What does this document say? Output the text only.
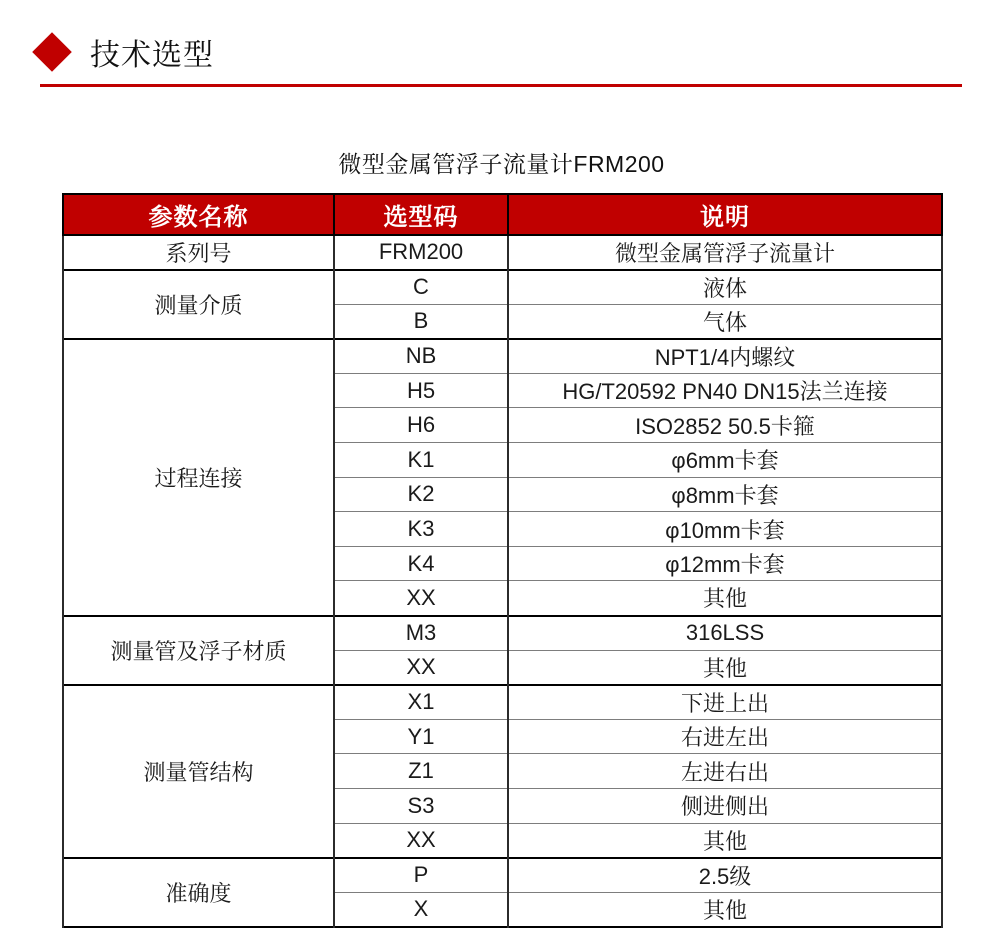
技术选型
微型金属管浮子流量计FRM200
参数名称	选型码	说明
系列号	FRM200	微型金属管浮子流量计
测量介质	C	液体
	B	气体
过程连接	NB	NPT1/4内螺纹
	H5	HG/T20592 PN40 DN15法兰连接
	H6	ISO2852 50.5卡箍
	K1	φ6mm卡套
	K2	φ8mm卡套
	K3	φ10mm卡套
	K4	φ12mm卡套
	XX	其他
测量管及浮子材质	M3	316LSS
	XX	其他
测量管结构	X1	下进上出
	Y1	右进左出
	Z1	左进右出
	S3	侧进侧出
	XX	其他
准确度	P	2.5级
	X	其他
